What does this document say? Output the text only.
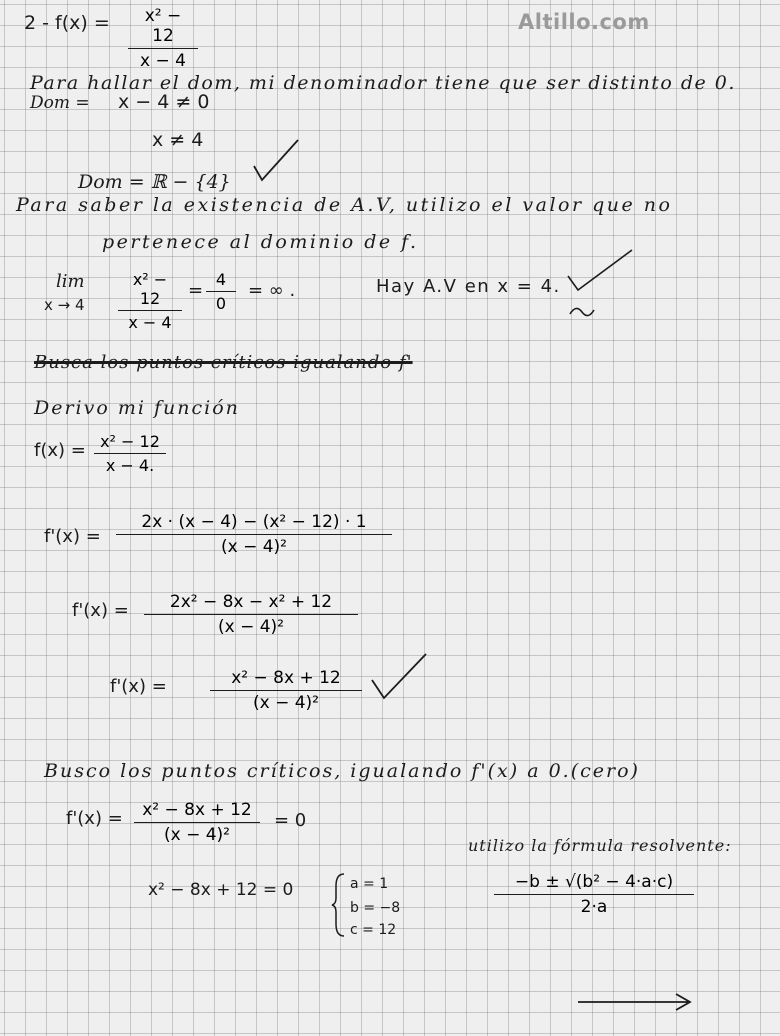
Altillo.com
2 - f(x) =	x² − 12
x − 4
Para hallar el dom, mi denominador tiene que ser distinto de 0.
Dom = x − 4 ≠ 0
x ≠ 4
Dom = ℝ − {4}
Para saber la existencia de A.V, utilizo el valor que no
pertenece al dominio de f.
lim
x → 4
x² − 12
x − 4
=
4
0
= ∞ .	Hay A.V en x = 4.
Busca los puntos críticos igualando f'
Derivo mi función
f(x) = x² − 12
x − 4.
f'(x) =
2x · (x − 4) − (x² − 12) · 1
(x − 4)²
f'(x) =	2x² − 8x − x² + 12
(x − 4)²
f'(x) =	x² − 8x + 12
(x − 4)²
Busco los puntos críticos, igualando f'(x) a 0.(cero)
f'(x) =	x² − 8x + 12
(x − 4)²
= 0
utilizo la fórmula resolvente:
x² − 8x + 12 = 0	a = 1
b = −8
c = 12
−b ± √(b² − 4·a·c)
2·a
